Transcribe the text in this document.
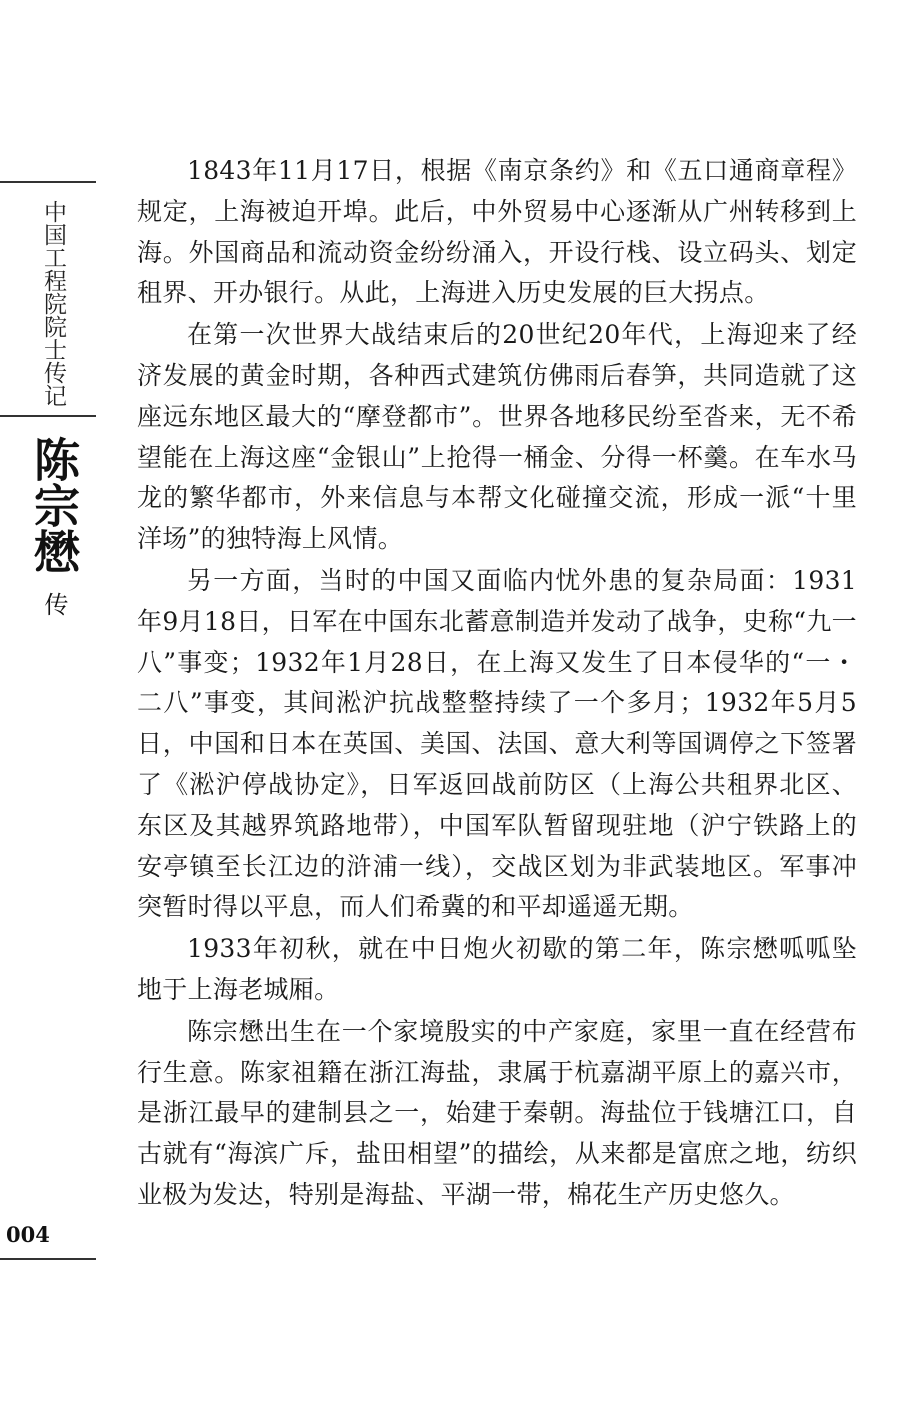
中国工程院院士传记
陈宗懋
传

1843年11月17日，根据《南京条约》和《五口通商章程》规定，上海被迫开埠。此后，中外贸易中心逐渐从广州转移到上海。外国商品和流动资金纷纷涌入，开设行栈、设立码头、划定租界、开办银行。从此，上海进入历史发展的巨大拐点。

在第一次世界大战结束后的20世纪20年代，上海迎来了经济发展的黄金时期，各种西式建筑仿佛雨后春笋，共同造就了这座远东地区最大的“摩登都市”。世界各地移民纷至沓来，无不希望能在上海这座“金银山”上抢得一桶金、分得一杯羹。在车水马龙的繁华都市，外来信息与本帮文化碰撞交流，形成一派“十里洋场”的独特海上风情。

另一方面，当时的中国又面临内忧外患的复杂局面：1931年9月18日，日军在中国东北蓄意制造并发动了战争，史称“九一八”事变；1932年1月28日，在上海又发生了日本侵华的“一・二八”事变，其间淞沪抗战整整持续了一个多月；1932年5月5日，中国和日本在英国、美国、法国、意大利等国调停之下签署了《淞沪停战协定》，日军返回战前防区（上海公共租界北区、东区及其越界筑路地带），中国军队暂留现驻地（沪宁铁路上的安亭镇至长江边的浒浦一线），交战区划为非武装地区。军事冲突暂时得以平息，而人们希冀的和平却遥遥无期。

1933年初秋，就在中日炮火初歇的第二年，陈宗懋呱呱坠地于上海老城厢。

陈宗懋出生在一个家境殷实的中产家庭，家里一直在经营布行生意。陈家祖籍在浙江海盐，隶属于杭嘉湖平原上的嘉兴市，是浙江最早的建制县之一，始建于秦朝。海盐位于钱塘江口，自古就有“海滨广斥，盐田相望”的描绘，从来都是富庶之地，纺织业极为发达，特别是海盐、平湖一带，棉花生产历史悠久。

004
